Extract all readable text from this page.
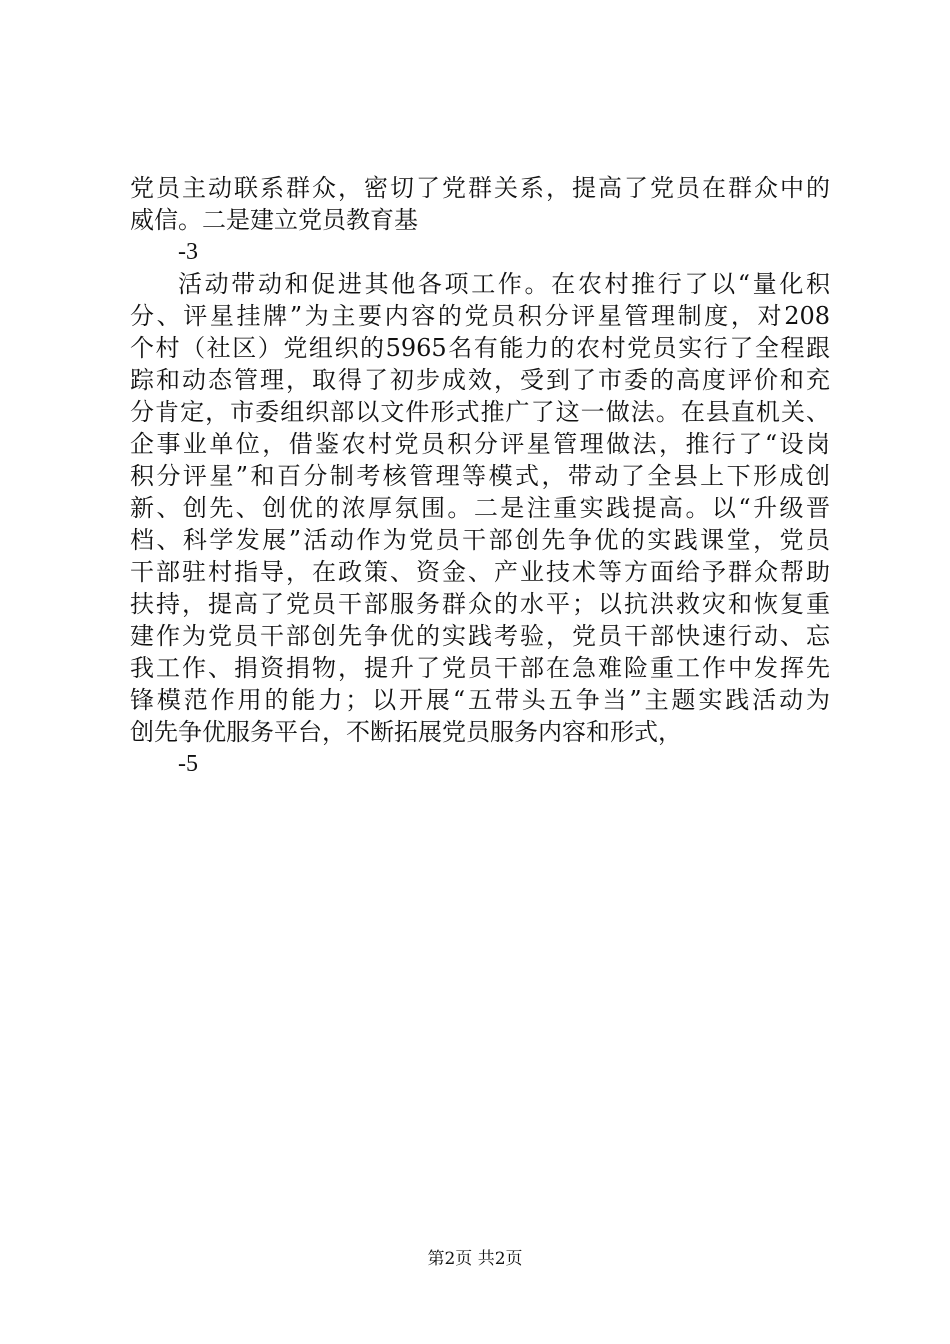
党员主动联系群众，密切了党群关系，提高了党员在群众中的
威信。二是建立党员教育基
-3
活动带动和促进其他各项工作。在农村推行了以“量化积
分、评星挂牌”为主要内容的党员积分评星管理制度，对208
个村（社区）党组织的5965名有能力的农村党员实行了全程跟
踪和动态管理，取得了初步成效，受到了市委的高度评价和充
分肯定，市委组织部以文件形式推广了这一做法。在县直机关、
企事业单位，借鉴农村党员积分评星管理做法，推行了“设岗
积分评星”和百分制考核管理等模式，带动了全县上下形成创
新、创先、创优的浓厚氛围。二是注重实践提高。以“升级晋
档、科学发展”活动作为党员干部创先争优的实践课堂，党员
干部驻村指导，在政策、资金、产业技术等方面给予群众帮助
扶持，提高了党员干部服务群众的水平；以抗洪救灾和恢复重
建作为党员干部创先争优的实践考验，党员干部快速行动、忘
我工作、捐资捐物，提升了党员干部在急难险重工作中发挥先
锋模范作用的能力；以开展“五带头五争当”主题实践活动为
创先争优服务平台，不断拓展党员服务内容和形式，
-5
第2页 共2页
